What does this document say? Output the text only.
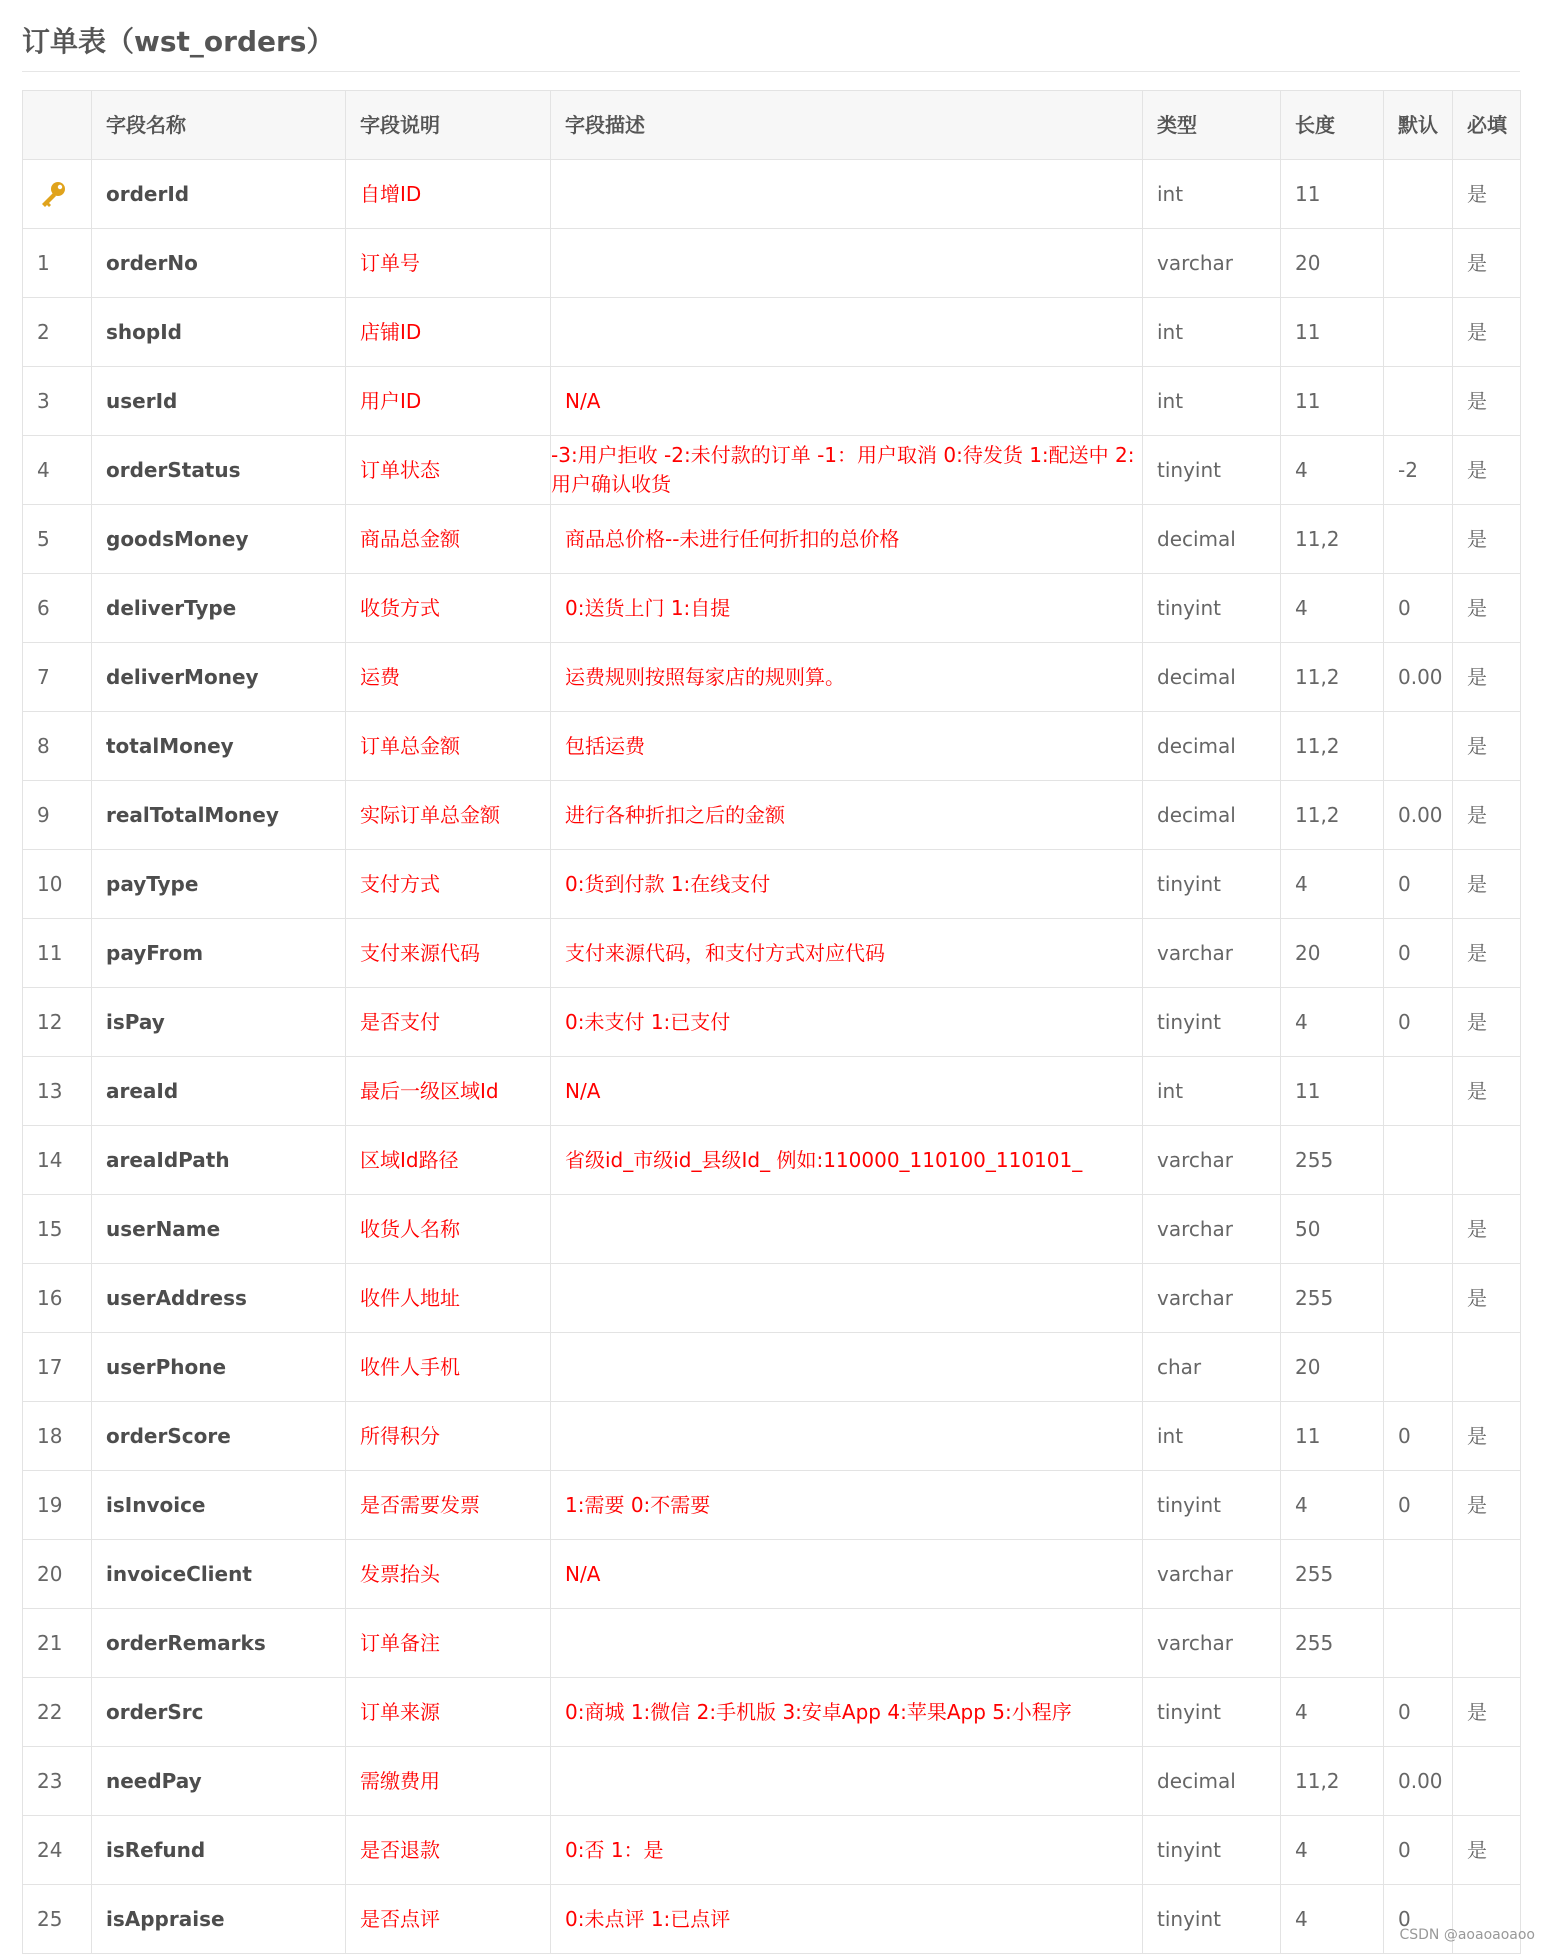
订单表（wst_orders）
	字段名称	字段说明	字段描述	类型	长度	默认	必填
	orderId	自增ID		int	11		是
1	orderNo	订单号		varchar	20		是
2	shopId	店铺ID		int	11		是
3	userId	用户ID	N/A	int	11		是
4	orderStatus	订单状态	-3:用户拒收 -2:未付款的订单 -1：用户取消 0:待发货 1:配送中 2:用户确认收货	tinyint	4	-2	是
5	goodsMoney	商品总金额	商品总价格--未进行任何折扣的总价格	decimal	11,2		是
6	deliverType	收货方式	0:送货上门 1:自提	tinyint	4	0	是
7	deliverMoney	运费	运费规则按照每家店的规则算。	decimal	11,2	0.00	是
8	totalMoney	订单总金额	包括运费	decimal	11,2		是
9	realTotalMoney	实际订单总金额	进行各种折扣之后的金额	decimal	11,2	0.00	是
10	payType	支付方式	0:货到付款 1:在线支付	tinyint	4	0	是
11	payFrom	支付来源代码	支付来源代码，和支付方式对应代码	varchar	20	0	是
12	isPay	是否支付	0:未支付 1:已支付	tinyint	4	0	是
13	areaId	最后一级区域Id	N/A	int	11		是
14	areaIdPath	区域Id路径	省级id_市级id_县级Id_ 例如:110000_110100_110101_	varchar	255		
15	userName	收货人名称		varchar	50		是
16	userAddress	收件人地址		varchar	255		是
17	userPhone	收件人手机		char	20		
18	orderScore	所得积分		int	11	0	是
19	isInvoice	是否需要发票	1:需要 0:不需要	tinyint	4	0	是
20	invoiceClient	发票抬头	N/A	varchar	255		
21	orderRemarks	订单备注		varchar	255		
22	orderSrc	订单来源	0:商城 1:微信 2:手机版 3:安卓App 4:苹果App 5:小程序	tinyint	4	0	是
23	needPay	需缴费用		decimal	11,2	0.00	
24	isRefund	是否退款	0:否 1：是	tinyint	4	0	是
25	isAppraise	是否点评	0:未点评 1:已点评	tinyint	4	0	
CSDN @aoaoaoaoo
